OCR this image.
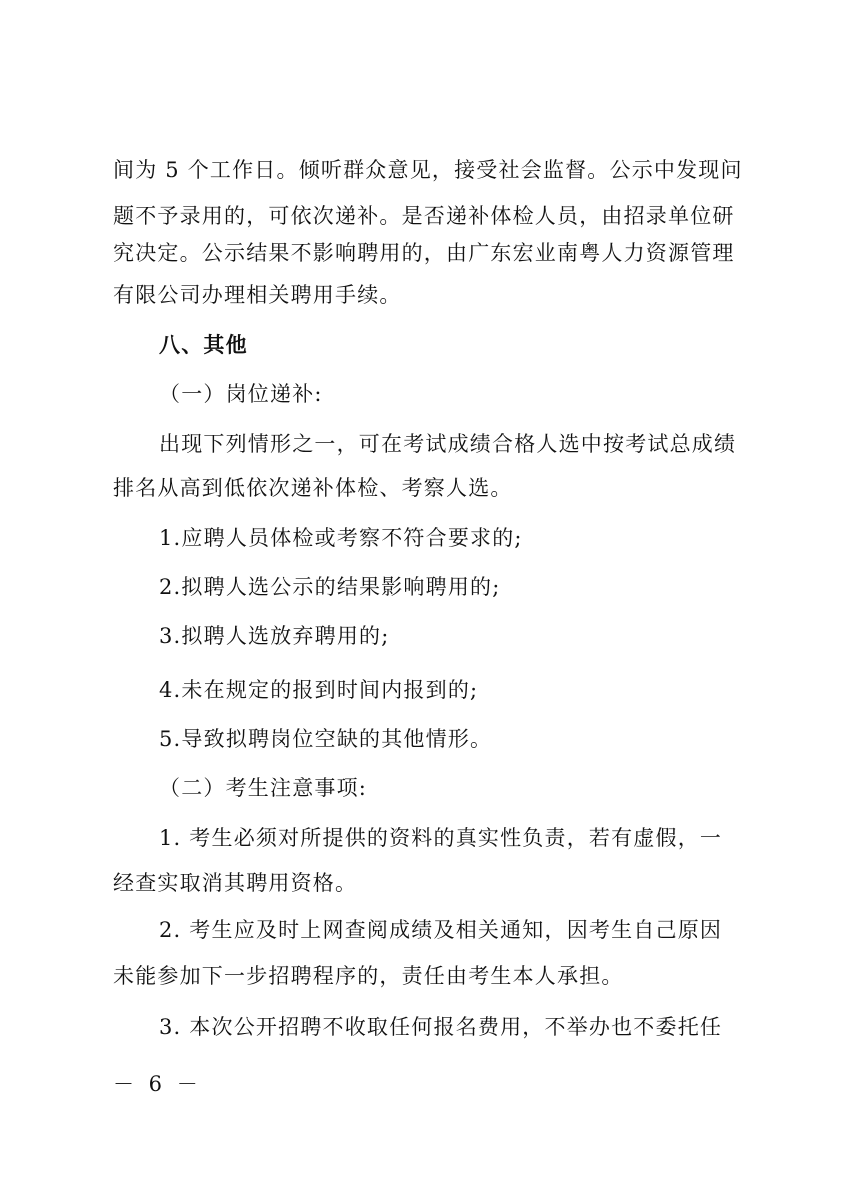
间为 5 个工作日。倾听群众意见，接受社会监督。公示中发现问
题不予录用的，可依次递补。是否递补体检人员，由招录单位研
究决定。公示结果不影响聘用的，由广东宏业南粤人力资源管理
有限公司办理相关聘用手续。
八、其他
（一）岗位递补:
出现下列情形之一，可在考试成绩合格人选中按考试总成绩
排名从高到低依次递补体检、考察人选。
1.应聘人员体检或考察不符合要求的;
2.拟聘人选公示的结果影响聘用的;
3.拟聘人选放弃聘用的;
4.未在规定的报到时间内报到的;
5.导致拟聘岗位空缺的其他情形。
（二）考生注意事项:
1. 考生必须对所提供的资料的真实性负责，若有虚假，一
经查实取消其聘用资格。
2. 考生应及时上网查阅成绩及相关通知，因考生自己原因
未能参加下一步招聘程序的，责任由考生本人承担。
3. 本次公开招聘不收取任何报名费用，不举办也不委托任
－ 6 －
